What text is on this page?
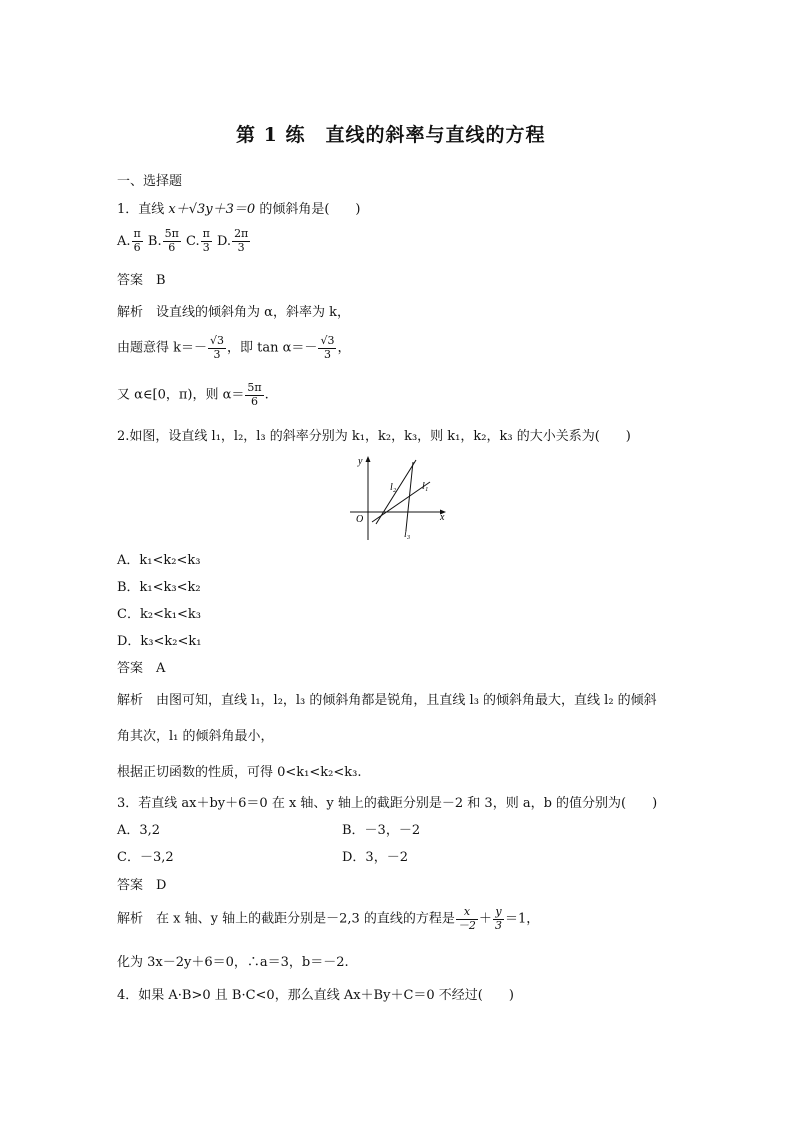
第 1 练　直线的斜率与直线的方程
一、选择题
1．直线 x＋√3y＋3＝0 的倾斜角是(　　)
A. $\frac{\pi}{6} B$. $\frac{5\pi}{6} C$. $\frac{\pi}{3} D$. $\frac{2\pi}{3}$
答案　 B
解析　 设直线的倾斜角为 α，斜率为 k，
由题意得 $k=- \frac{√3}{3}$ ，即 $\tan \alpha=- \frac{√3}{3}$ ，
又 α∈[0，π)，则 $\alpha= \frac{5\pi}{6}$ .
2.如图，设直线 l₁，l₂，l₃ 的斜率分别为 k₁，k₂，k₃，则 k₁，k₂，k₃ 的大小关系为(　　)
y
x
O
l₁
l₂
l₃
A．k₁<k₂<k₃
B．k₁<k₃<k₂
C．k₂<k₁<k₃
D．k₃<k₂<k₁
答案　 A
解析　 由图可知，直线 l₁，l₂，l₃ 的倾斜角都是锐角，且直线 l₃ 的倾斜角最大，直线 l₂ 的倾斜
角其次，l₁ 的倾斜角最小，
根据正切函数的性质，可得 0<k₁<k₂<k₃.
3．若直线 ax＋by＋6＝0 在 x 轴、y 轴上的截距分别是－2 和 3，则 a，b 的值分别为(　　)
A．3,2	B．－3，－2
C．－3,2	D．3，－2
答案　 D
解析　 在 x 轴、y 轴上的截距分别是－2,3 的直线的方程是 $\frac{x}{-2} + \frac{y}{3} =1$，
化为 3x－2y＋6＝0，∴a＝3，b＝－2.
4．如果 A·B>0 且 B·C<0，那么直线 Ax＋By＋C＝0 不经过(　　)
